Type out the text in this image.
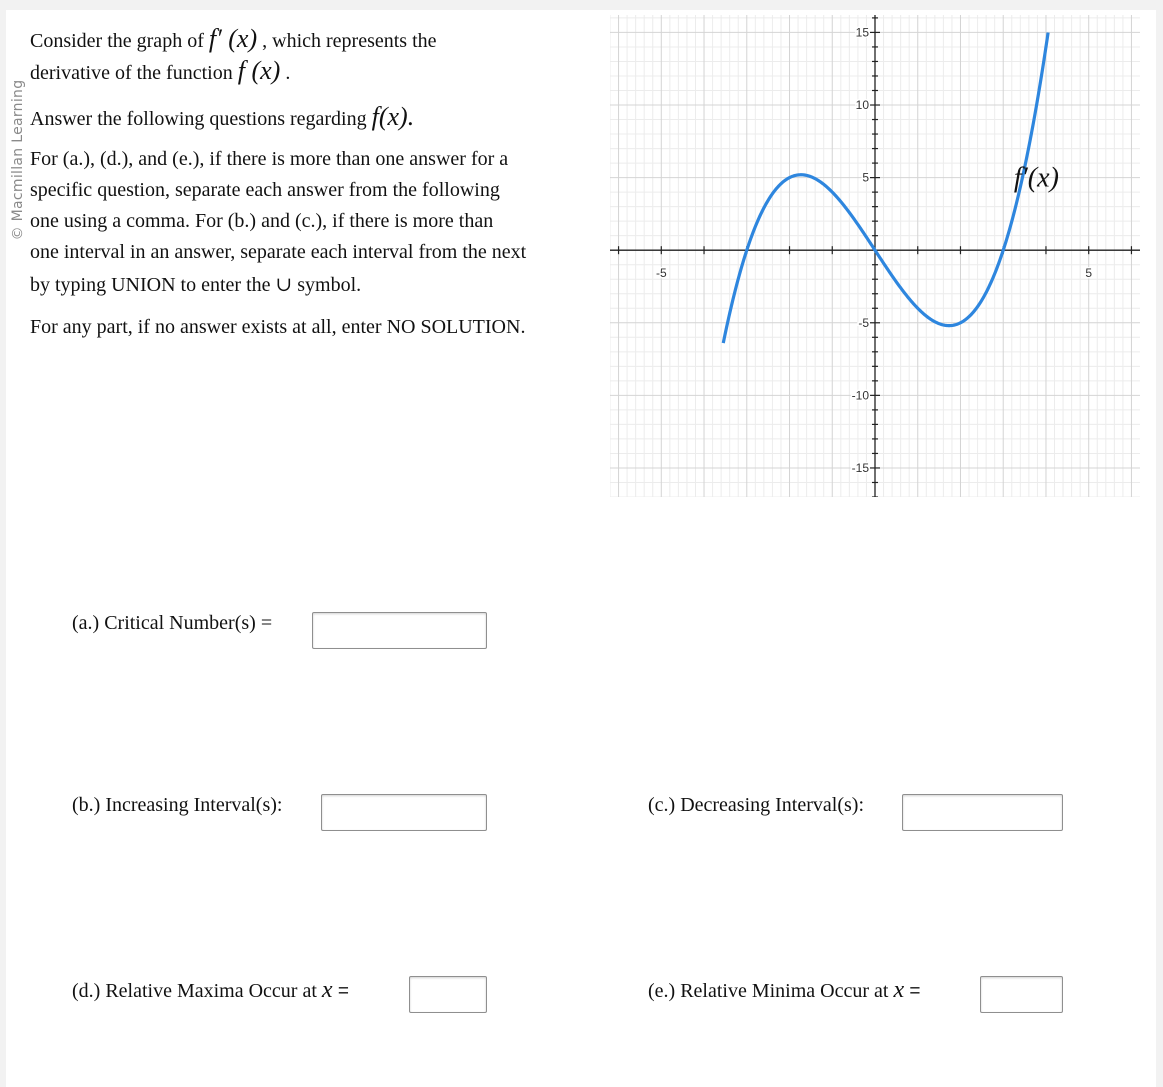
© Macmillan Learning
Consider the graph of f′ (x) , which represents the
derivative of the function f (x) .
Answer the following questions regarding f(x).
For (a.), (d.), and (e.), if there is more than one answer for a
specific question, separate each answer from the following
one using a comma. For (b.) and (c.), if there is more than
one interval in an answer, separate each interval from the next
by typing UNION to enter the ∪ symbol.
For any part, if no answer exists at all, enter NO SOLUTION.
-5	5
15
10
5
-5
-10
-15
f′(x)
(a.) Critical Number(s) =
(b.) Increasing Interval(s):	(c.) Decreasing Interval(s):
(d.) Relative Maxima Occur at x =	(e.) Relative Minima Occur at x =
